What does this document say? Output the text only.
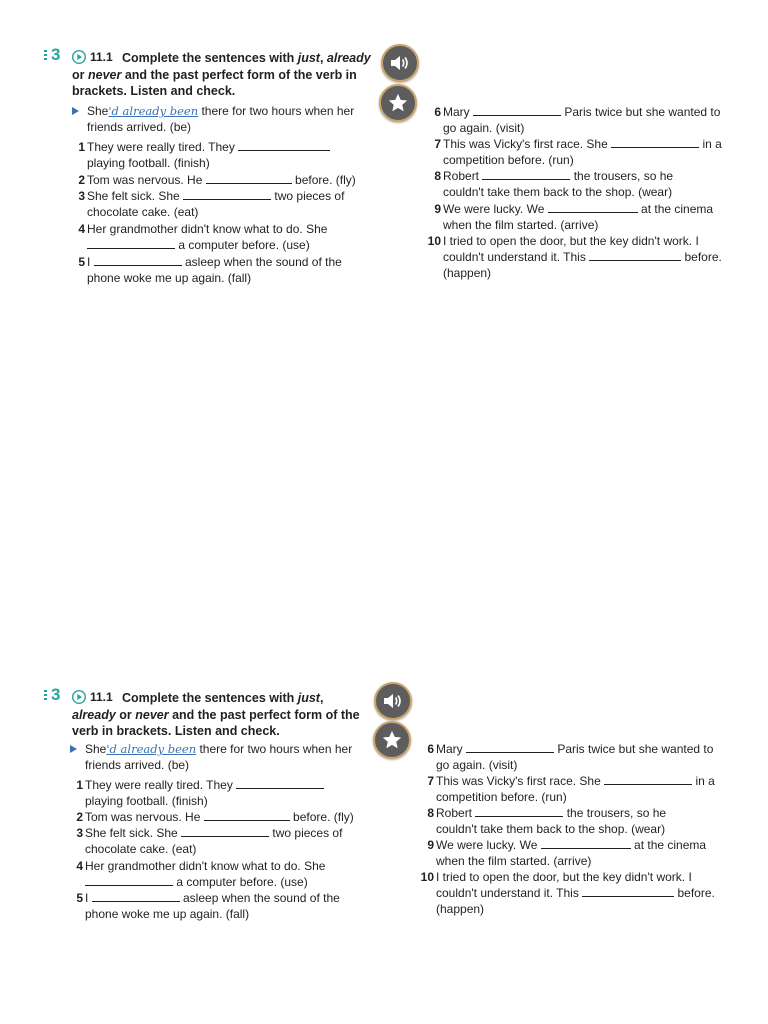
3	Complete the sentences with just, already or never and the past perfect form of the verb in brackets. Listen and check.
11.1
She'd already been there for two hours when her friends arrived. (be)
1 They were really tired. They  playing football. (finish)
2 Tom was nervous. He	before. (fly)
3 She felt sick. She	two pieces of chocolate cake. (eat)
4 Her grandmother didn't know what to do. She  a computer before. (use)
5 I	asleep when the sound of the phone woke me up again. (fall)
6 Mary	Paris twice but she wanted to go again. (visit)
7 This was Vicky's first race. She	in a competition before. (run)
8 Robert	the trousers, so he couldn't take them back to the shop. (wear)
9 We were lucky. We	at the cinema when the film started. (arrive)
10 I tried to open the door, but the key didn't work. I couldn't understand it. This	before. (happen)
3	Complete the sentences with just, already or never and the past perfect form of the verb in brackets. Listen and check.
11.1
She'd already been there for two hours when her friends arrived. (be)
1 They were really tired. They  playing football. (finish)
2 Tom was nervous. He	before. (fly)
3 She felt sick. She	two pieces of chocolate cake. (eat)
4 Her grandmother didn't know what to do. She  a computer before. (use)
5 I	asleep when the sound of the phone woke me up again. (fall)
6 Mary	Paris twice but she wanted to go again. (visit)
7 This was Vicky's first race. She	in a competition before. (run)
8 Robert	the trousers, so he couldn't take them back to the shop. (wear)
9 We were lucky. We	at the cinema when the film started. (arrive)
10 I tried to open the door, but the key didn't work. I couldn't understand it. This	before. (happen)
